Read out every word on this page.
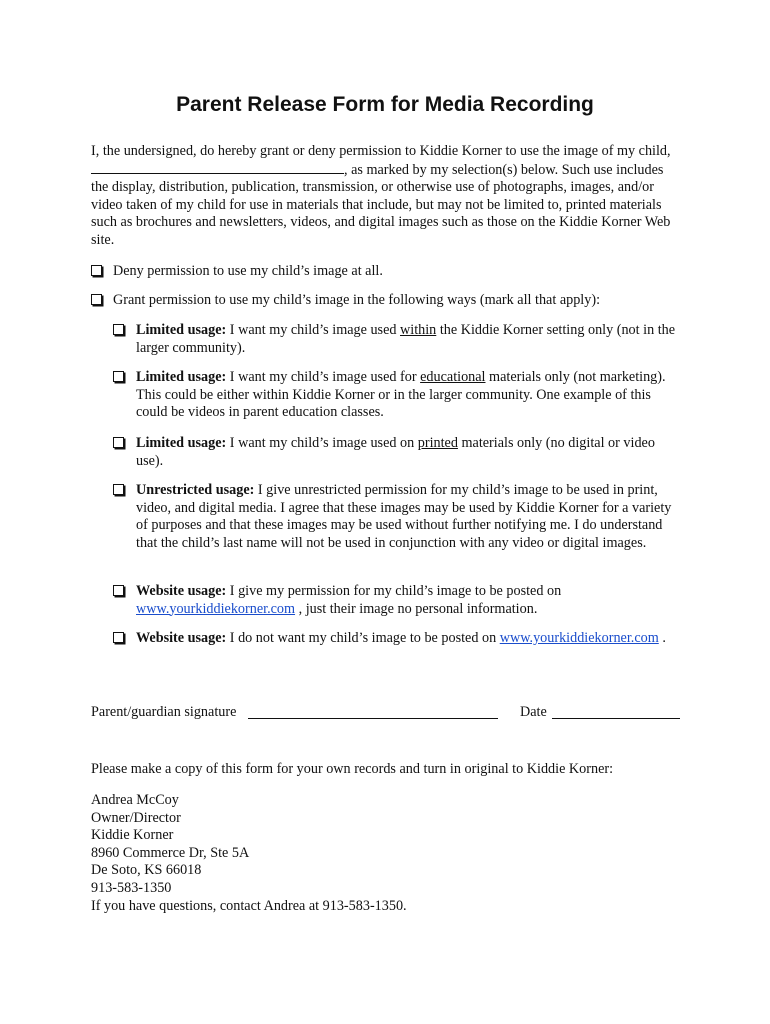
Parent Release Form for Media Recording
I, the undersigned, do hereby grant or deny permission to Kiddie Korner to use the image of my child, , as marked by my selection(s) below. Such use includes the display, distribution, publication, transmission, or otherwise use of photographs, images, and/or video taken of my child for use in materials that include, but may not be limited to, printed materials such as brochures and newsletters, videos, and digital images such as those on the Kiddie Korner Web site.
Deny permission to use my child’s image at all.
Grant permission to use my child’s image in the following ways (mark all that apply):
Limited usage: I want my child’s image used within the Kiddie Korner setting only (not in the larger community).
Limited usage: I want my child’s image used for educational materials only (not marketing). This could be either within Kiddie Korner or in the larger community. One example of this could be videos in parent education classes.
Limited usage: I want my child’s image used on printed materials only (no digital or video use).
Unrestricted usage: I give unrestricted permission for my child’s image to be used in print, video, and digital media. I agree that these images may be used by Kiddie Korner for a variety of purposes and that these images may be used without further notifying me. I do understand that the child’s last name will not be used in conjunction with any video or digital images.
Website usage: I give my permission for my child’s image to be posted on www.yourkiddiekorner.com , just their image no personal information.
Website usage: I do not want my child’s image to be posted on www.yourkiddiekorner.com .
Parent/guardian signature	Date
Please make a copy of this form for your own records and turn in original to Kiddie Korner:
Andrea McCoy
Owner/Director
Kiddie Korner
8960 Commerce Dr, Ste 5A
De Soto, KS 66018
913-583-1350
If you have questions, contact Andrea at 913-583-1350.
